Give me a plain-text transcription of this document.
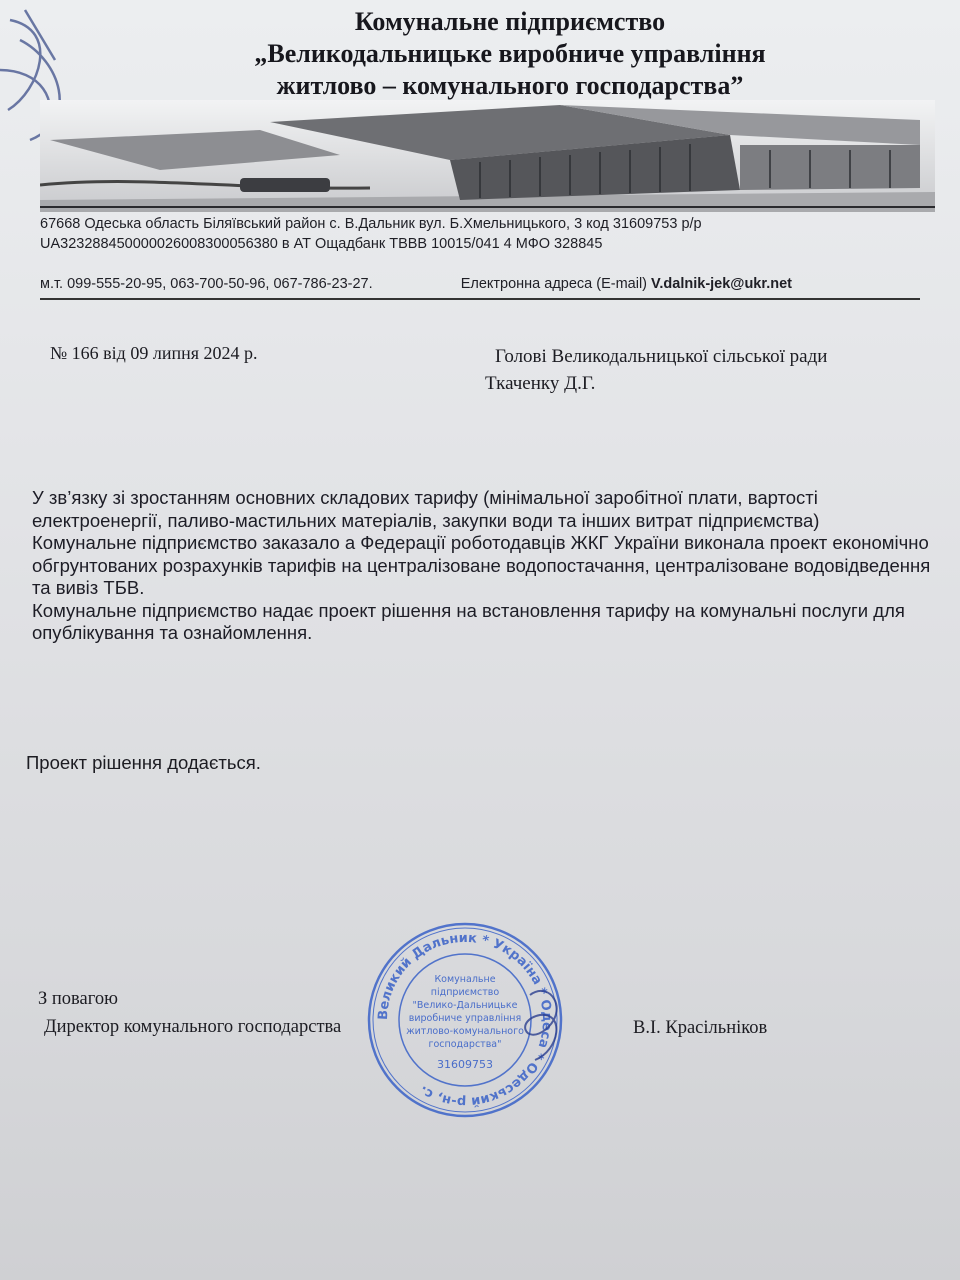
Комунальне підприємство
„Великодальницьке виробниче управління
житлово – комунального господарства”
67668 Одеська область Біляївський район с. В.Дальник вул. Б.Хмельницького, 3 код 31609753 р/р
UA323288450000026008300056380 в АТ Ощадбанк ТВВВ 10015/041 4 МФО 328845
м.т. 099-555-20-95, 063-700-50-96, 067-786-23-27.	Електронна адреса (E-mail) V.dalnik-jek@ukr.net
№ 166 від 09 липня 2024 р.	Голові Великодальницької сільської ради
Ткаченку Д.Г.

У зв’язку зі зростанням основних складових тарифу (мінімальної заробітної плати, вартості електроенергії, паливо-мастильних матеріалів, закупки води та інших витрат підприємства)

Комунальне підприємство заказало а Федерації роботодавців ЖКГ України виконала проект економічно обгрунтованих розрахунків тарифів на централізоване водопостачання, централізоване водовідведення та вивіз ТБВ.

Комунальне підприємство надає проект рішення на встановлення тарифу на комунальні послуги для опублікування та ознайомлення.

Проект рішення додається.
З повагою
Директор комунального господарства	В.І. Красільніков
Великий Дальник * Україна * Одеса * Одеський р-н, с.
Комунальне
підприємство
"Велико-Дальницьке
виробниче управління
житлово-комунального
господарства"
31609753
